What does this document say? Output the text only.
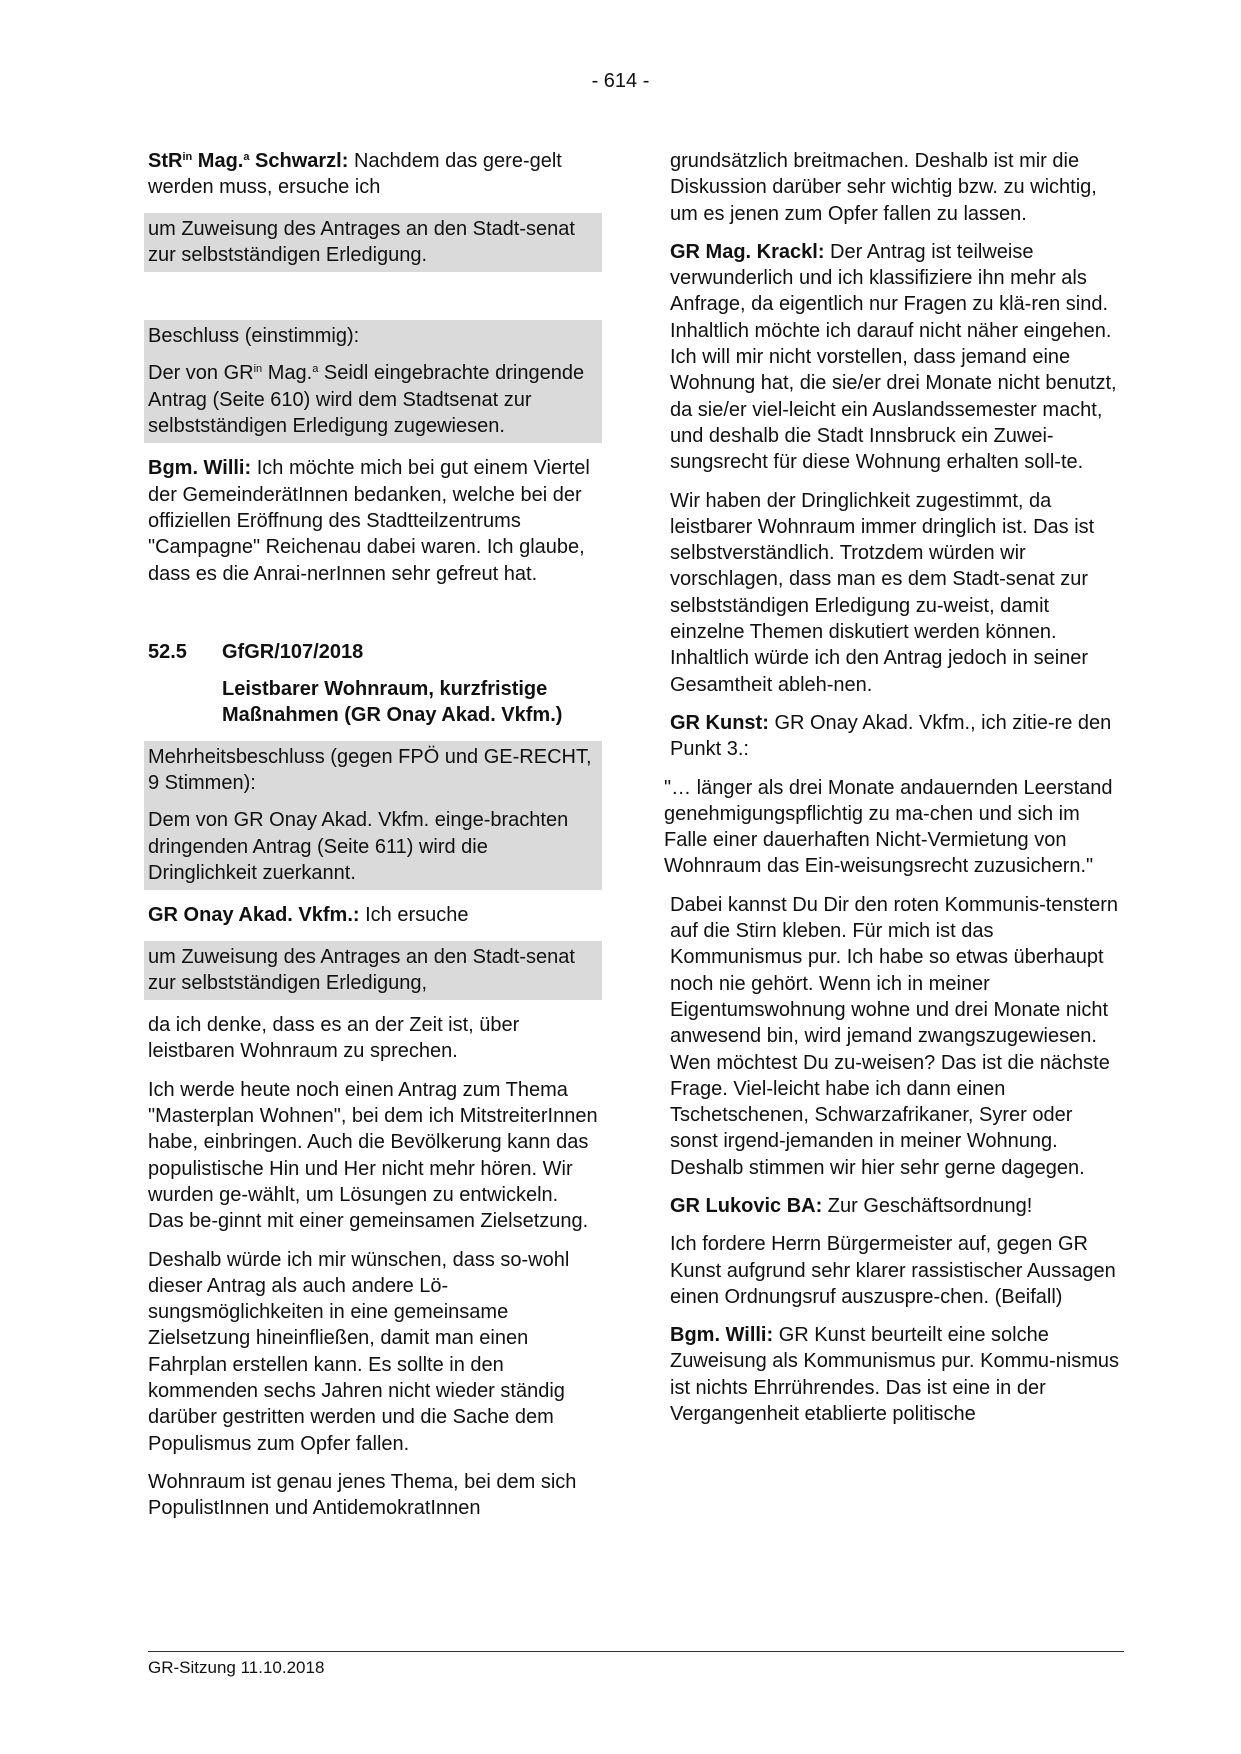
- 614 -

StR$^{in}$ Mag.$^a$ Schwarzl: Nachdem das gere-gelt werden muss, ersuche ich

um Zuweisung des Antrages an den Stadt-senat zur selbstständigen Erledigung.

Beschluss (einstimmig):

Der von $GR^{in}$ Mag.$^a$ Seidl eingebrachte dringende Antrag (Seite 610) wird dem Stadtsenat zur selbstständigen Erledigung zugewiesen.

Bgm. Willi: Ich möchte mich bei gut einem Viertel der GemeinderätInnen bedanken, welche bei der offiziellen Eröffnung des Stadtteilzentrums "Campagne" Reichenau dabei waren. Ich glaube, dass es die Anrai-nerInnen sehr gefreut hat.

52.5	GfGR/107/2018

Leistbarer Wohnraum, kurzfristige Maßnahmen (GR Onay Akad. Vkfm.)

Mehrheitsbeschluss (gegen FPÖ und GE-RECHT, 9 Stimmen):

Dem von GR Onay Akad. Vkfm. einge-brachten dringenden Antrag (Seite 611) wird die Dringlichkeit zuerkannt.

GR Onay Akad. Vkfm.: Ich ersuche

um Zuweisung des Antrages an den Stadt-senat zur selbstständigen Erledigung,

da ich denke, dass es an der Zeit ist, über leistbaren Wohnraum zu sprechen.

Ich werde heute noch einen Antrag zum Thema "Masterplan Wohnen", bei dem ich MitstreiterInnen habe, einbringen. Auch die Bevölkerung kann das populistische Hin und Her nicht mehr hören. Wir wurden ge-wählt, um Lösungen zu entwickeln. Das be-ginnt mit einer gemeinsamen Zielsetzung.

Deshalb würde ich mir wünschen, dass so-wohl dieser Antrag als auch andere Lö-sungsmöglichkeiten in eine gemeinsame Zielsetzung hineinfließen, damit man einen Fahrplan erstellen kann. Es sollte in den kommenden sechs Jahren nicht wieder ständig darüber gestritten werden und die Sache dem Populismus zum Opfer fallen.

Wohnraum ist genau jenes Thema, bei dem sich PopulistInnen und AntidemokratInnen

grundsätzlich breitmachen. Deshalb ist mir die Diskussion darüber sehr wichtig bzw. zu wichtig, um es jenen zum Opfer fallen zu lassen.

GR Mag. Krackl: Der Antrag ist teilweise verwunderlich und ich klassifiziere ihn mehr als Anfrage, da eigentlich nur Fragen zu klä-ren sind. Inhaltlich möchte ich darauf nicht näher eingehen. Ich will mir nicht vorstellen, dass jemand eine Wohnung hat, die sie/er drei Monate nicht benutzt, da sie/er viel-leicht ein Auslandssemester macht, und deshalb die Stadt Innsbruck ein Zuwei-sungsrecht für diese Wohnung erhalten soll-te.

Wir haben der Dringlichkeit zugestimmt, da leistbarer Wohnraum immer dringlich ist. Das ist selbstverständlich. Trotzdem würden wir vorschlagen, dass man es dem Stadt-senat zur selbstständigen Erledigung zu-weist, damit einzelne Themen diskutiert werden können. Inhaltlich würde ich den Antrag jedoch in seiner Gesamtheit ableh-nen.

GR Kunst: GR Onay Akad. Vkfm., ich zitie-re den Punkt 3.:

"… länger als drei Monate andauernden Leerstand genehmigungspflichtig zu ma-chen und sich im Falle einer dauerhaften Nicht-Vermietung von Wohnraum das Ein-weisungsrecht zuzusichern."

Dabei kannst Du Dir den roten Kommunis-tenstern auf die Stirn kleben. Für mich ist das Kommunismus pur. Ich habe so etwas überhaupt noch nie gehört. Wenn ich in meiner Eigentumswohnung wohne und drei Monate nicht anwesend bin, wird jemand zwangszugewiesen. Wen möchtest Du zu-weisen? Das ist die nächste Frage. Viel-leicht habe ich dann einen Tschetschenen, Schwarzafrikaner, Syrer oder sonst irgend-jemanden in meiner Wohnung. Deshalb stimmen wir hier sehr gerne dagegen.

GR Lukovic BA: Zur Geschäftsordnung!

Ich fordere Herrn Bürgermeister auf, gegen GR Kunst aufgrund sehr klarer rassistischer Aussagen einen Ordnungsruf auszuspre-chen. (Beifall)

Bgm. Willi: GR Kunst beurteilt eine solche Zuweisung als Kommunismus pur. Kommu-nismus ist nichts Ehrrührendes. Das ist eine in der Vergangenheit etablierte politische

GR-Sitzung 11.10.2018
